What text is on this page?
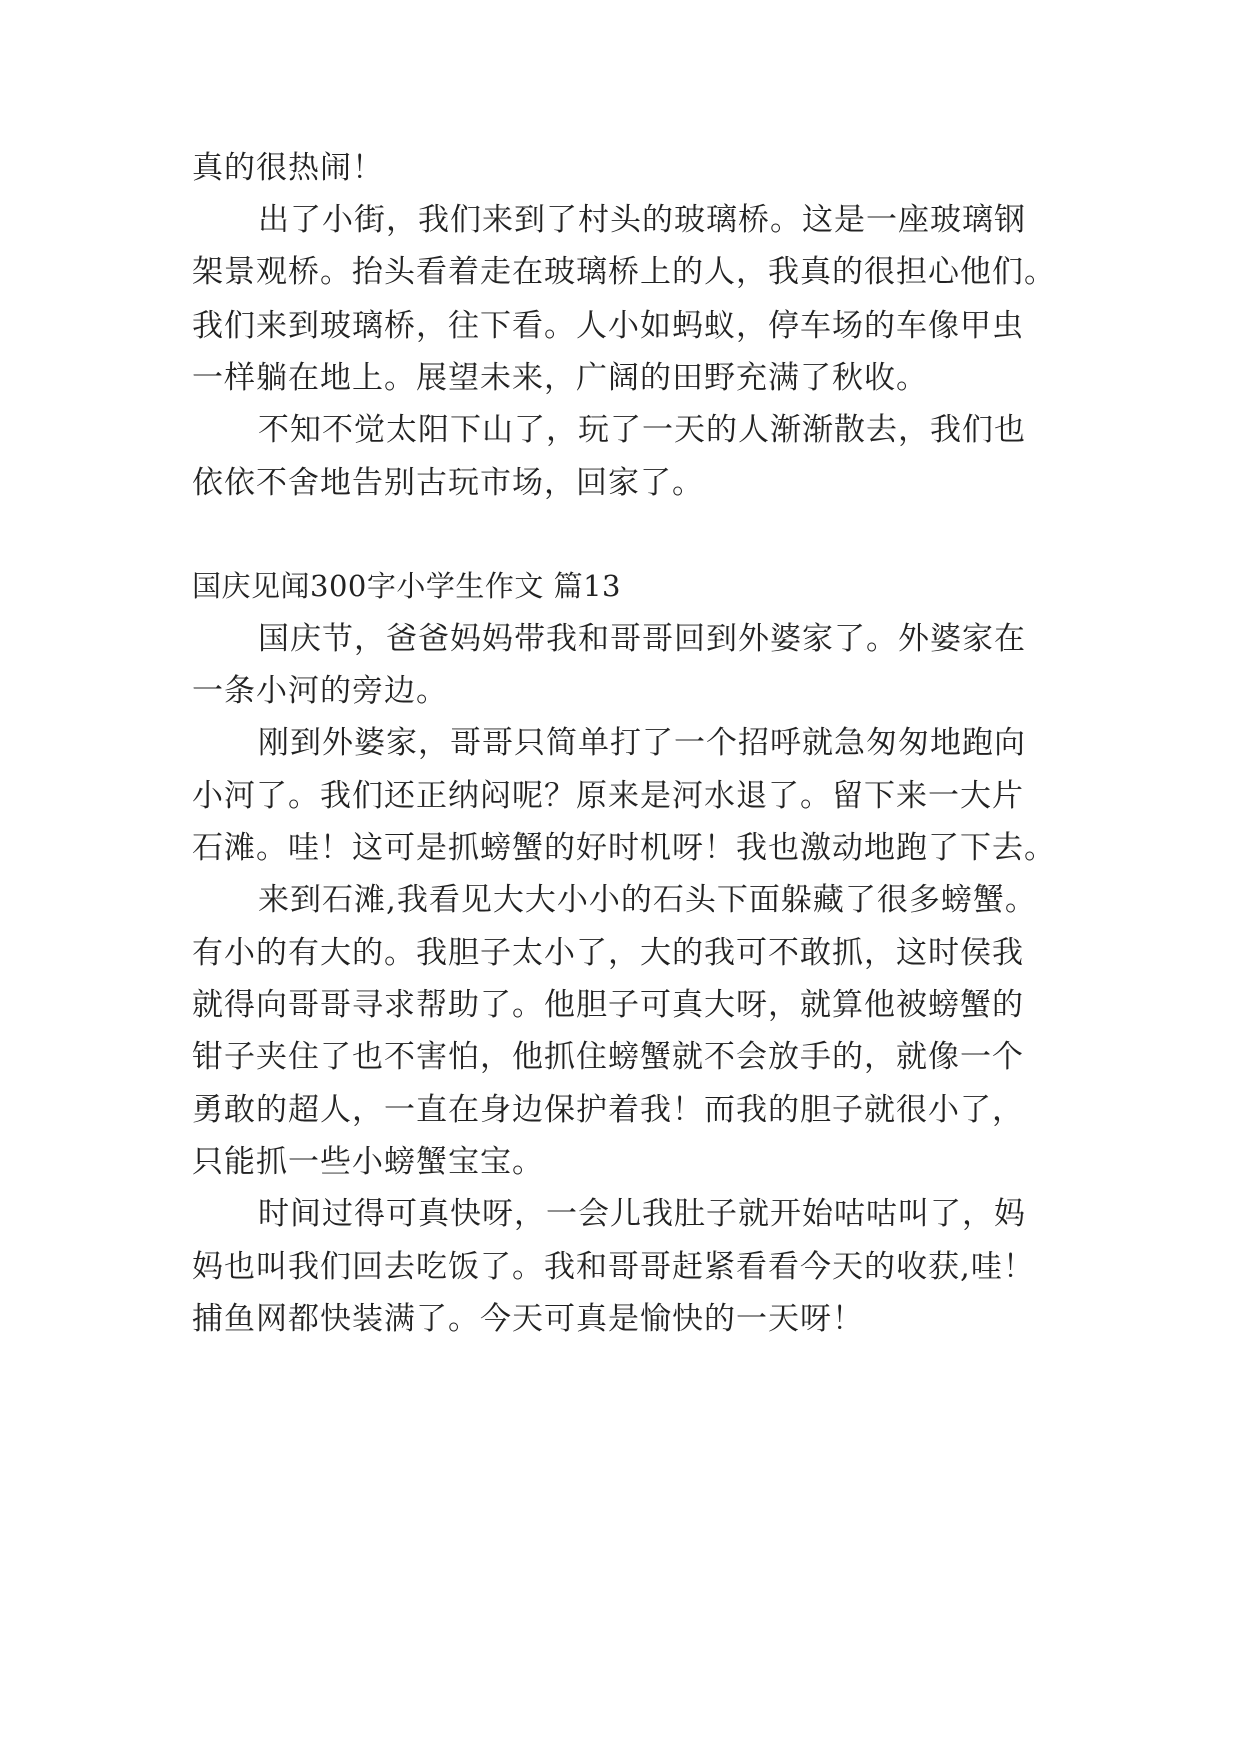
真的很热闹！
出了小街，我们来到了村头的玻璃桥。这是一座玻璃钢
架景观桥。抬头看着走在玻璃桥上的人，我真的很担心他们。
我们来到玻璃桥，往下看。人小如蚂蚁，停车场的车像甲虫
一样躺在地上。展望未来，广阔的田野充满了秋收。
不知不觉太阳下山了，玩了一天的人渐渐散去，我们也
依依不舍地告别古玩市场，回家了。
国庆见闻300字小学生作文 篇13
国庆节，爸爸妈妈带我和哥哥回到外婆家了。外婆家在
一条小河的旁边。
刚到外婆家，哥哥只简单打了一个招呼就急匆匆地跑向
小河了。我们还正纳闷呢？原来是河水退了。留下来一大片
石滩。哇！这可是抓螃蟹的好时机呀！我也激动地跑了下去。
来到石滩,我看见大大小小的石头下面躲藏了很多螃蟹。
有小的有大的。我胆子太小了，大的我可不敢抓，这时侯我
就得向哥哥寻求帮助了。他胆子可真大呀，就算他被螃蟹的
钳子夹住了也不害怕，他抓住螃蟹就不会放手的，就像一个
勇敢的超人，一直在身边保护着我！而我的胆子就很小了，
只能抓一些小螃蟹宝宝。
时间过得可真快呀，一会儿我肚子就开始咕咕叫了，妈
妈也叫我们回去吃饭了。我和哥哥赶紧看看今天的收获,哇！
捕鱼网都快装满了。今天可真是愉快的一天呀！
